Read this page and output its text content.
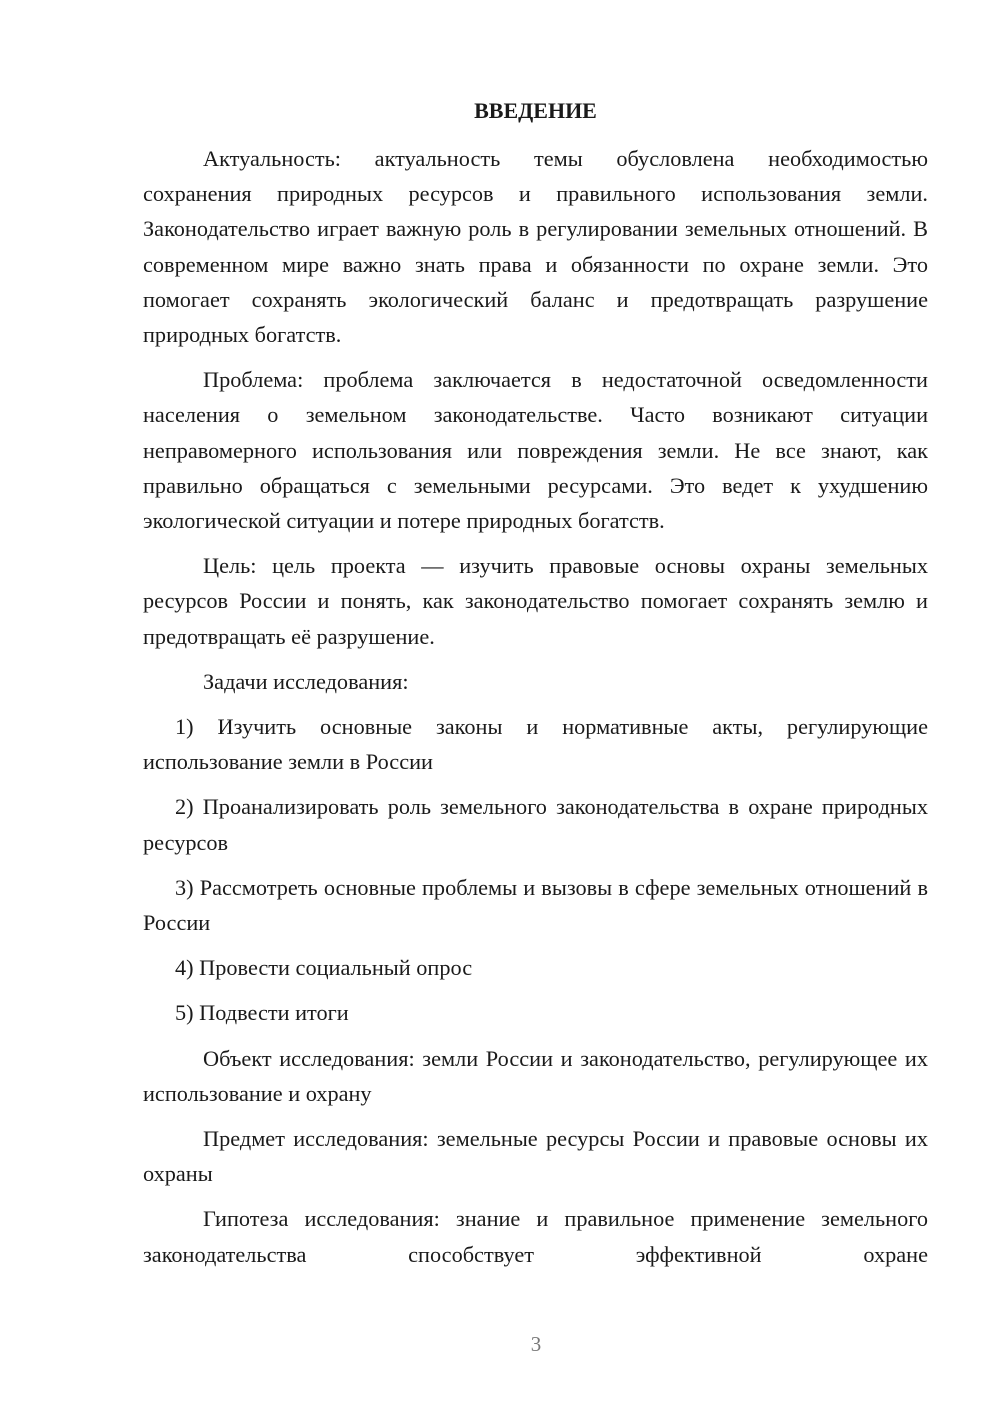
ВВЕДЕНИЕ

Актуальность: актуальность темы обусловлена необходимостью сохранения природных ресурсов и правильного использования земли. Законодательство играет важную роль в регулировании земельных отношений. В современном мире важно знать права и обязанности по охране земли. Это помогает сохранять экологический баланс и предотвращать разрушение природных богатств.

Проблема: проблема заключается в недостаточной осведомленности населения о земельном законодательстве. Часто возникают ситуации неправомерного использования или повреждения земли. Не все знают, как правильно обращаться с земельными ресурсами. Это ведет к ухудшению экологической ситуации и потере природных богатств.

Цель: цель проекта — изучить правовые основы охраны земельных ресурсов России и понять, как законодательство помогает сохранять землю и предотвращать её разрушение.

Задачи исследования:

1) Изучить основные законы и нормативные акты, регулирующие использование земли в России
2) Проанализировать роль земельного законодательства в охране природных ресурсов
3) Рассмотреть основные проблемы и вызовы в сфере земельных отношений в России
4) Провести социальный опрос
5) Подвести итоги

Объект исследования: земли России и законодательство, регулирующее их использование и охрану

Предмет исследования: земельные ресурсы России и правовые основы их охраны

Гипотеза исследования: знание и правильное применение земельного законодательства способствует эффективной охране

3
